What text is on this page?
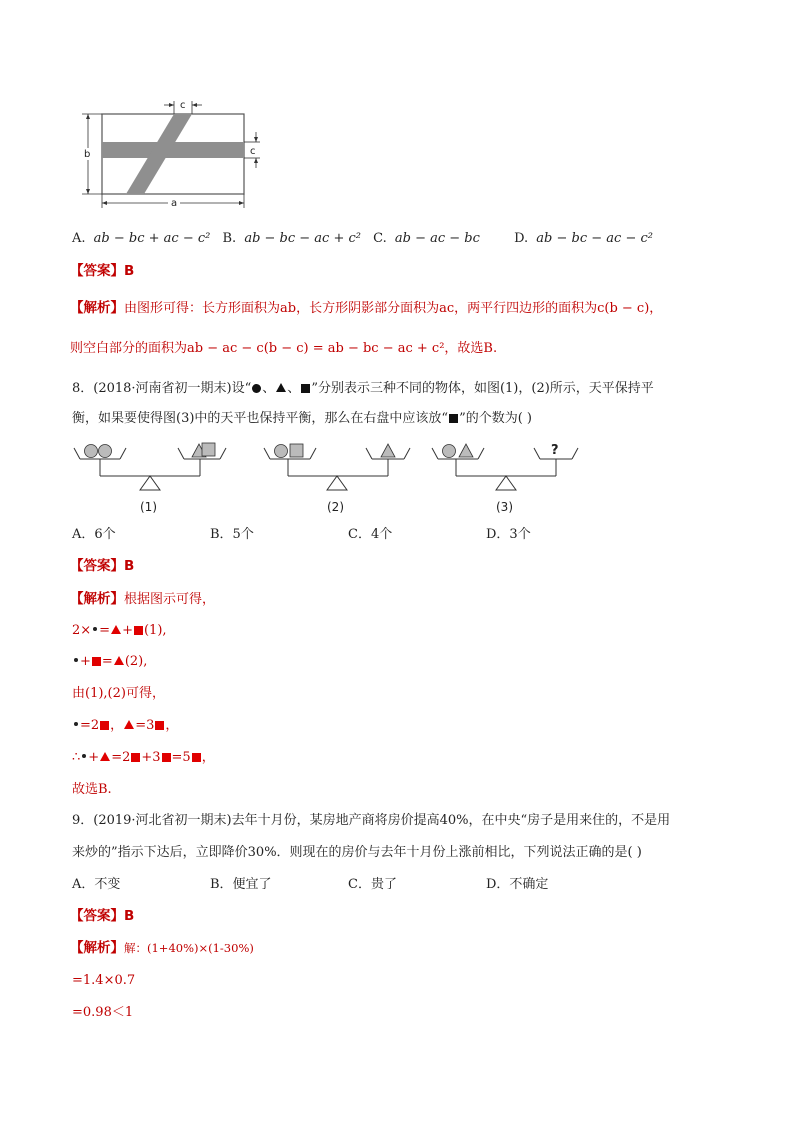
c
c
b
a
A. ab − bc + ac − c² B. ab − bc − ac + c² C. ab − ac − bc	D. ab − bc − ac − c²
【答案】B
【解析】由图形可得：长方形面积为ab，长方形阴影部分面积为ac，两平行四边形的面积为c(b − c)，
则空白部分的面积为ab − ac − c(b − c) = ab − bc − ac + c²，故选B.
8．(2018·河南省初一期末)设“ 、 、 ”分别表示三种不同的物体，如图(1)，(2)所示，天平保持平
衡，如果要使得图(3)中的天平也保持平衡，那么在右盘中应该放“ ”的个数为( )
(1)	(2)
?
(3)
A．6个	B．5个	C．4个	D．3个
【答案】B
【解析】根据图示可得，
2× = + (1),
+ = (2),
由(1),(2)可得，
=2 ， =3 ，
∴ + =2 +3 =5 ，
故选B.
9．(2019·河北省初一期末)去年十月份，某房地产商将房价提高40%，在中央“房子是用来住的，不是用
来炒的”指示下达后，立即降价30%．则现在的房价与去年十月份上涨前相比，下列说法正确的是( )
A．不变	B．便宜了	C．贵了	D．不确定
【答案】B
【解析】解：(1+40%)×(1-30%)
=1.4×0.7
=0.98＜1
